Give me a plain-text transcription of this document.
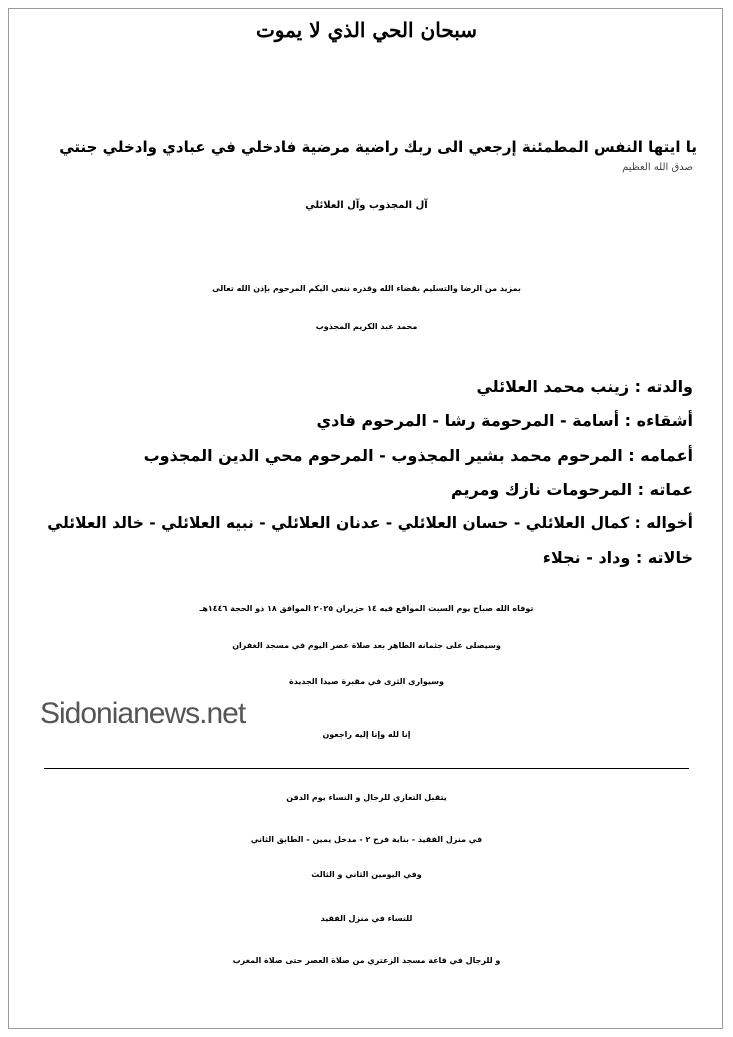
سبحان الحي الذي لا يموت
يا ايتها النفس المطمئنة إرجعي الى ربك راضية مرضية فادخلي في عبادي وادخلي جنتي
صدق الله العظيم
آل المجذوب وآل العلائلي
بمزيد من الرضا والتسليم بقضاء الله وقدره ننعي اليكم المرحوم بإذن الله تعالى
محمد عبد الكريم المجذوب
والدته : زينب محمد العلائلي
أشقاءه : أسامة - المرحومة رشا - المرحوم فادي
أعمامه : المرحوم محمد بشير المجذوب - المرحوم محي الدين المجذوب
عماته : المرحومات نازك ومريم
أخواله : كمال العلائلي - حسان العلائلي - عدنان العلائلي - نبيه العلائلي - خالد العلائلي
خالاته : وداد - نجلاء
توفاه الله صباح يوم السبت المواقع فيه ١٤ حزيران ٢٠٢٥ الموافق ١٨ ذو الحجة ١٤٤٦هـ
وسيصلى على جثمانه الطاهر بعد صلاة عصر اليوم في مسجد الغفران
وسيوارى الثرى في مقبرة صيدا الجديدة
Sidonianews.net
إنا لله وإنا إليه راجعون
يتقبل التعازي للرجال و النساء يوم الدفن
في منزل الفقيد - بناية فرح ٢ - مدخل يمين - الطابق الثاني
وفي اليومين الثاني و الثالث
للنساء في منزل الفقيد
و للرجال في قاعة مسجد الزعتري من صلاة العصر حتى صلاة المغرب
